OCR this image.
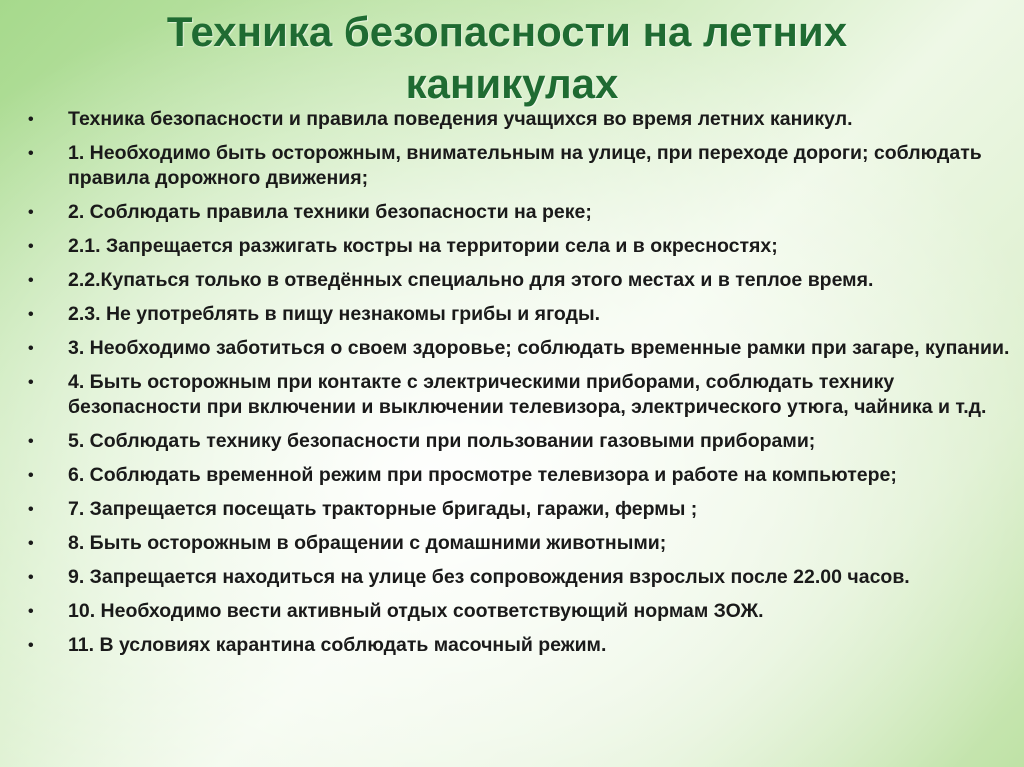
Техника безопасности на летних
каникулах
• Техника безопасности и правила поведения учащихся во время летних каникул.
• 1. Необходимо быть осторожным, внимательным на улице, при переходе дороги; соблюдать правила дорожного движения;
• 2. Соблюдать правила техники безопасности на реке;
• 2.1. Запрещается разжигать костры на территории села и в окресностях;
• 2.2.Купаться только в отведённых специально для этого местах и в теплое время.
• 2.3. Не употреблять в пищу незнакомы грибы и ягоды.
• 3. Необходимо заботиться о своем здоровье; соблюдать временные рамки при загаре, купании.
• 4. Быть осторожным при контакте с электрическими приборами, соблюдать технику безопасности при включении и выключении телевизора, электрического утюга, чайника и т.д.
• 5. Соблюдать технику безопасности при пользовании газовыми приборами;
• 6. Соблюдать временной режим при просмотре телевизора и работе на компьютере;
• 7. Запрещается посещать тракторные бригады, гаражи, фермы ;
• 8. Быть осторожным в обращении с домашними животными;
• 9. Запрещается находиться на улице без сопровождения взрослых после 22.00 часов.
• 10. Необходимо вести активный отдых соответствующий нормам ЗОЖ.
• 11. В условиях карантина соблюдать масочный режим.
